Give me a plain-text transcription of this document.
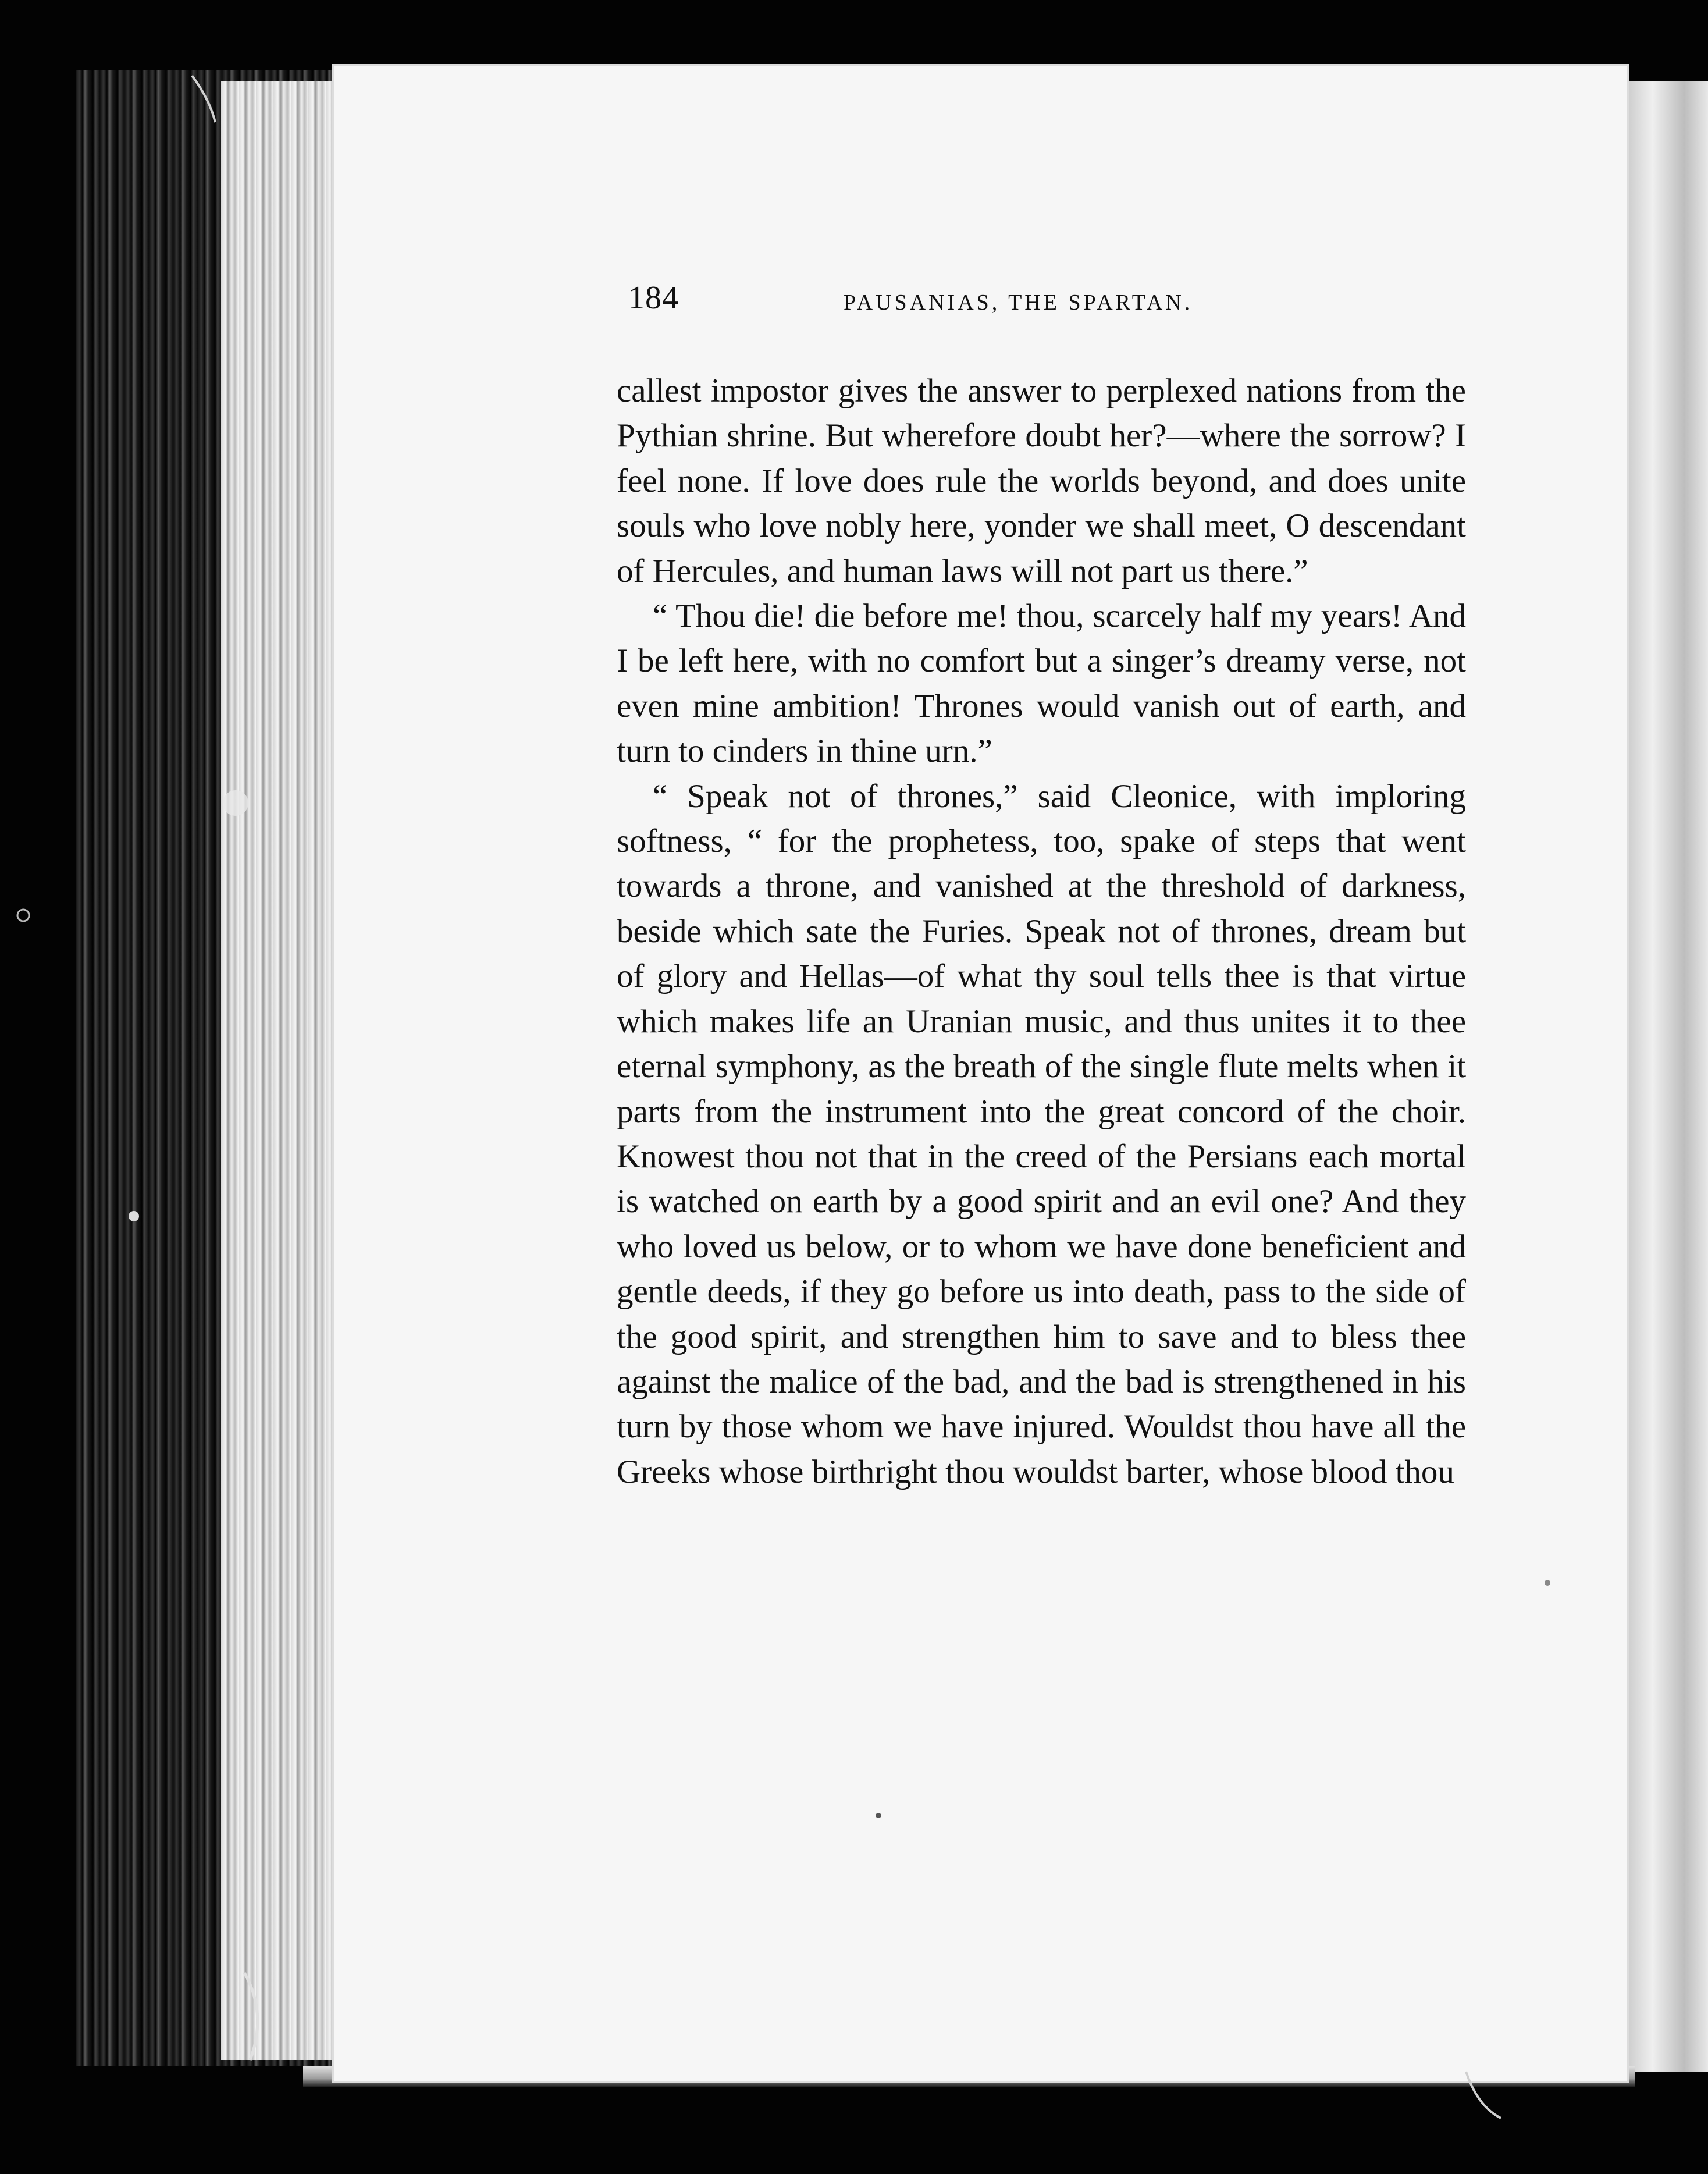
184	PAUSANIAS, THE SPARTAN.

callest impostor gives the answer to perplexed nations from the Pythian shrine. But wherefore doubt her?—where the sorrow? I feel none. If love does rule the worlds beyond, and does unite souls who love nobly here, yonder we shall meet, O descendant of Hercules, and human laws will not part us there.”

“ Thou die! die before me! thou, scarcely half my years! And I be left here, with no comfort but a singer’s dreamy verse, not even mine ambition! Thrones would vanish out of earth, and turn to cinders in thine urn.”

“ Speak not of thrones,” said Cleonice, with imploring softness, “ for the prophetess, too, spake of steps that went towards a throne, and vanished at the threshold of darkness, beside which sate the Furies. Speak not of thrones, dream but of glory and Hellas—of what thy soul tells thee is that virtue which makes life an Uranian music, and thus unites it to thee eternal symphony, as the breath of the single flute melts when it parts from the instrument into the great concord of the choir. Knowest thou not that in the creed of the Persians each mortal is watched on earth by a good spirit and an evil one? And they who loved us below, or to whom we have done beneficient and gentle deeds, if they go before us into death, pass to the side of the good spirit, and strengthen him to save and to bless thee against the malice of the bad, and the bad is strengthened in his turn by those whom we have injured. Wouldst thou have all the Greeks whose birthright thou wouldst barter, whose blood thou
